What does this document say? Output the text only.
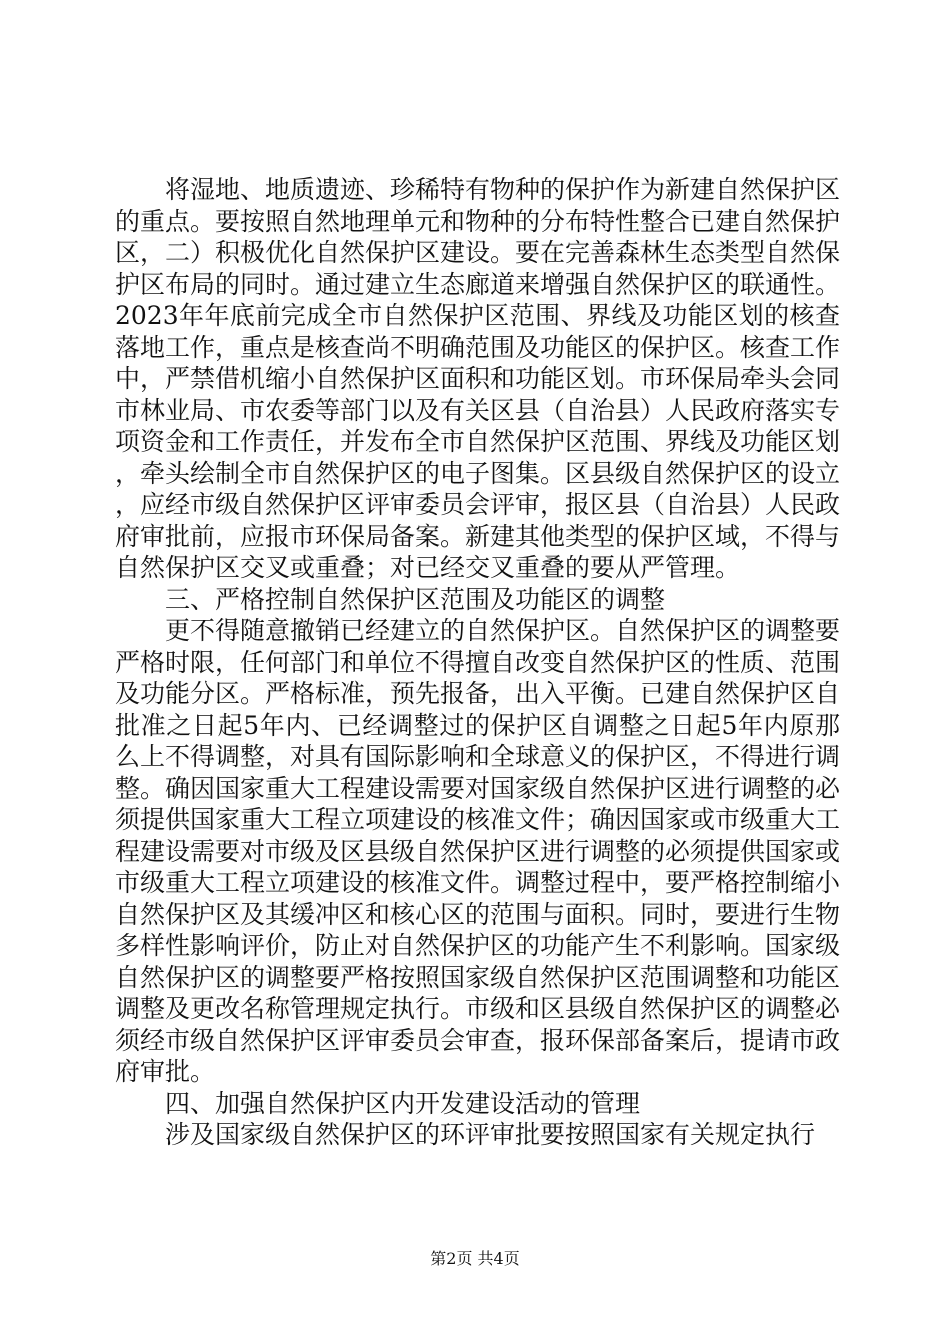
将湿地、地质遗迹、珍稀特有物种的保护作为新建自然保护区的重点。要按照自然地理单元和物种的分布特性整合已建自然保护区，二）积极优化自然保护区建设。要在完善森林生态类型自然保护区布局的同时。通过建立生态廊道来增强自然保护区的联通性。2023年年底前完成全市自然保护区范围、界线及功能区划的核查落地工作，重点是核查尚不明确范围及功能区的保护区。核查工作中，严禁借机缩小自然保护区面积和功能区划。市环保局牵头会同市林业局、市农委等部门以及有关区县（自治县）人民政府落实专项资金和工作责任，并发布全市自然保护区范围、界线及功能区划，牵头绘制全市自然保护区的电子图集。区县级自然保护区的设立，应经市级自然保护区评审委员会评审，报区县（自治县）人民政府审批前，应报市环保局备案。新建其他类型的保护区域，不得与自然保护区交叉或重叠；对已经交叉重叠的要从严管理。

三、严格控制自然保护区范围及功能区的调整

更不得随意撤销已经建立的自然保护区。自然保护区的调整要严格时限，任何部门和单位不得擅自改变自然保护区的性质、范围及功能分区。严格标准，预先报备，出入平衡。已建自然保护区自批准之日起5年内、已经调整过的保护区自调整之日起5年内原那么上不得调整，对具有国际影响和全球意义的保护区，不得进行调整。确因国家重大工程建设需要对国家级自然保护区进行调整的必须提供国家重大工程立项建设的核准文件；确因国家或市级重大工程建设需要对市级及区县级自然保护区进行调整的必须提供国家或市级重大工程立项建设的核准文件。调整过程中，要严格控制缩小自然保护区及其缓冲区和核心区的范围与面积。同时，要进行生物多样性影响评价，防止对自然保护区的功能产生不利影响。国家级自然保护区的调整要严格按照国家级自然保护区范围调整和功能区调整及更改名称管理规定执行。市级和区县级自然保护区的调整必须经市级自然保护区评审委员会审查，报环保部备案后，提请市政府审批。

四、加强自然保护区内开发建设活动的管理

涉及国家级自然保护区的环评审批要按照国家有关规定执行

第2页 共4页
